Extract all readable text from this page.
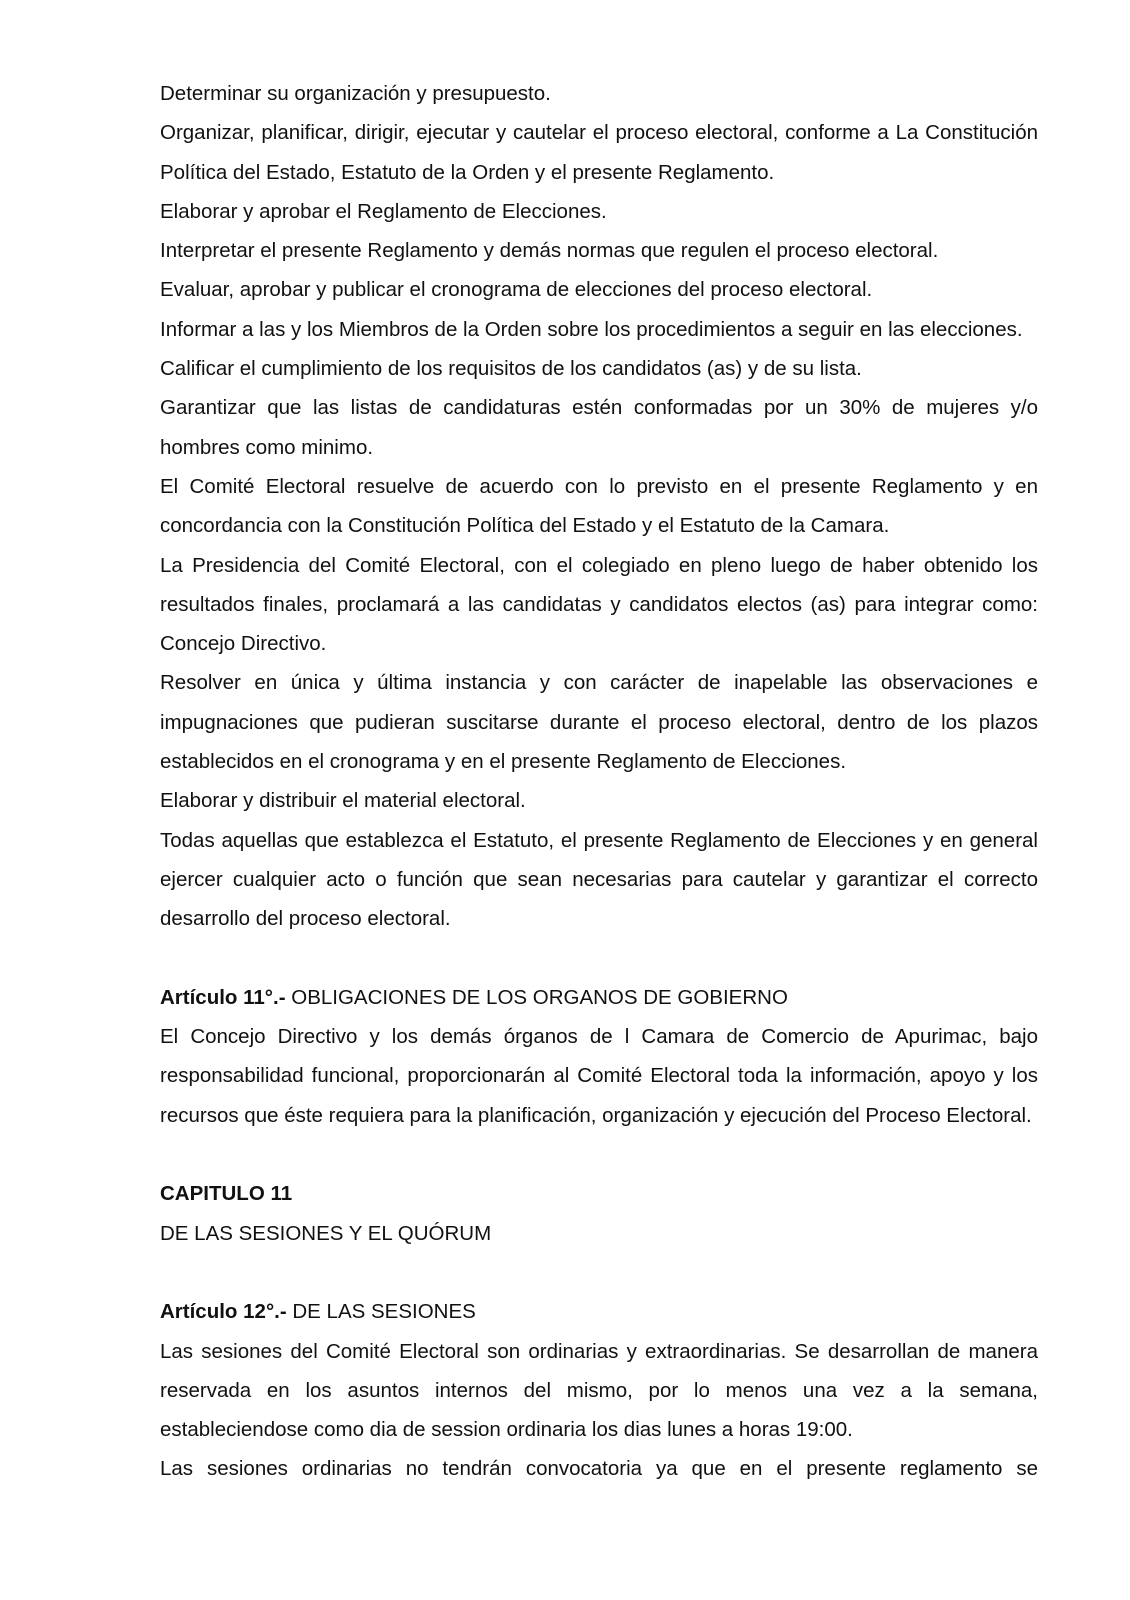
Determinar su organización y presupuesto.

Organizar, planificar, dirigir, ejecutar y cautelar el proceso electoral, conforme a La Constitución Política del Estado, Estatuto de la Orden y el presente Reglamento.

Elaborar y aprobar el Reglamento de Elecciones.

Interpretar el presente Reglamento y demás normas que regulen el proceso electoral.

Evaluar, aprobar y publicar el cronograma de elecciones del proceso electoral.

Informar a las y los Miembros de la Orden sobre los procedimientos a seguir en las elecciones.

Calificar el cumplimiento de los requisitos de los candidatos (as) y de su lista.

Garantizar que las listas de candidaturas estén conformadas por un 30% de mujeres y/o hombres como minimo.

El Comité Electoral resuelve de acuerdo con lo previsto en el presente Reglamento y en concordancia con la Constitución Política del Estado y el Estatuto de la Camara.

La Presidencia del Comité Electoral, con el colegiado en pleno luego de haber obtenido los resultados finales, proclamará a las candidatas y candidatos electos (as) para integrar como: Concejo Directivo.

Resolver en única y última instancia y con carácter de inapelable las observaciones e impugnaciones que pudieran suscitarse durante el proceso electoral, dentro de los plazos establecidos en el cronograma y en el presente Reglamento de Elecciones.

Elaborar y distribuir el material electoral.

Todas aquellas que establezca el Estatuto, el presente Reglamento de Elecciones y en general ejercer cualquier acto o función que sean necesarias para cautelar y garantizar el correcto desarrollo del proceso electoral.

Artículo 11°.- OBLIGACIONES DE LOS ORGANOS DE GOBIERNO

El Concejo Directivo y los demás órganos de l Camara de Comercio de Apurimac, bajo responsabilidad funcional, proporcionarán al Comité Electoral toda la información, apoyo y los recursos que éste requiera para la planificación, organización y ejecución del Proceso Electoral.

CAPITULO 11

DE LAS SESIONES Y EL QUÓRUM

Artículo 12°.- DE LAS SESIONES

Las sesiones del Comité Electoral son ordinarias y extraordinarias. Se desarrollan de manera reservada en los asuntos internos del mismo, por lo menos una vez a la semana, estableciendose como dia de session ordinaria los dias lunes a horas 19:00.

Las sesiones ordinarias no tendrán convocatoria ya que en el presente reglamento se
